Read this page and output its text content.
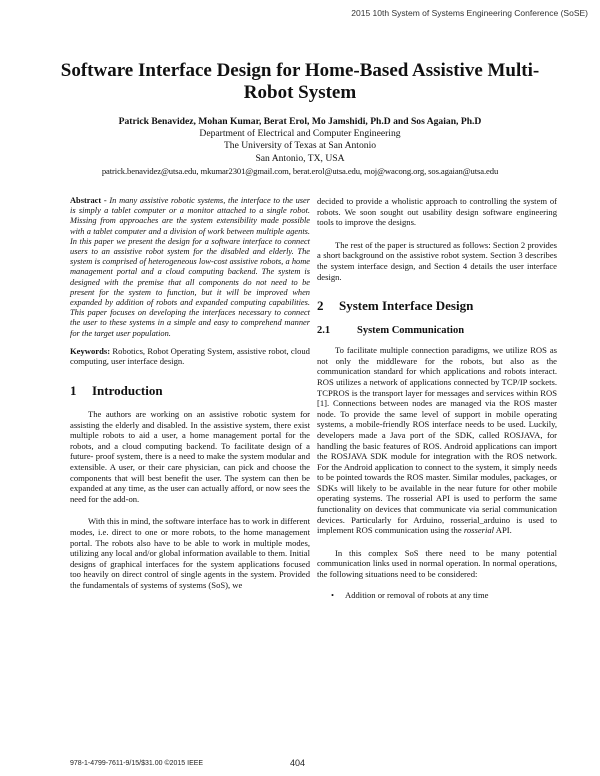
2015 10th System of Systems Engineering Conference (SoSE)
Software Interface Design for Home-Based Assistive Multi-Robot System
Patrick Benavidez, Mohan Kumar, Berat Erol, Mo Jamshidi, Ph.D and Sos Agaian, Ph.D
Department of Electrical and Computer Engineering
The University of Texas at San Antonio
San Antonio, TX, USA
patrick.benavidez@utsa.edu, mkumar2301@gmail.com, berat.erol@utsa.edu, moj@wacong.org, sos.agaian@utsa.edu

Abstract - In many assistive robotic systems, the interface to the user is simply a tablet computer or a monitor attached to a single robot. Missing from approaches are the system extensibility made possible with a tablet computer and a division of work between multiple agents. In this paper we present the design for a software interface to connect users to an assistive robot system for the disabled and elderly. The system is comprised of heterogeneous low-cost assistive robots, a home management portal and a cloud computing backend. The system is designed with the premise that all components do not need to be present for the system to function, but it will be improved when expanded by addition of robots and expanded computing capabilities. This paper focuses on developing the interfaces necessary to connect the user to these systems in a simple and easy to comprehend manner for the target user population.

Keywords: Robotics, Robot Operating System, assistive robot, cloud computing, user interface design.

1 Introduction

The authors are working on an assistive robotic system for assisting the elderly and disabled. In the assistive system, there exist multiple robots to aid a user, a home management portal for the robots, and a cloud computing backend. To facilitate design of a future- proof system, there is a need to make the system modular and extensible. A user, or their care physician, can pick and choose the components that will best benefit the user. The system can then be expanded at any time, as the user can actually afford, or now sees the need for the add-on.

With this in mind, the software interface has to work in different modes, i.e. direct to one or more robots, to the home management portal. The robots also have to be able to work in multiple modes, utilizing any local and/or global information available to them. Initial designs of graphical interfaces for the system applications focused too heavily on direct control of single agents in the system. Provided the fundamentals of systems of systems (SoS), we

decided to provide a wholistic approach to controlling the system of robots. We soon sought out usability design software engineering tools to improve the designs.

The rest of the paper is structured as follows: Section 2 provides a short background on the assistive robot system. Section 3 describes the system interface design, and Section 4 details the user interface design.

2 System Interface Design
2.1	System Communication

To facilitate multiple connection paradigms, we utilize ROS as not only the middleware for the robots, but also as the communication standard for which applications and robots interact. ROS utilizes a network of applications connected by TCP/IP sockets. TCPROS is the transport layer for messages and services within ROS [1]. Connections between nodes are managed via the ROS master node. To provide the same level of support in mobile operating systems, a mobile-friendly ROS interface needs to be used. Luckily, developers made a Java port of the SDK, called ROSJAVA, for handling the basic features of ROS. Android applications can import the ROSJAVA SDK module for integration with the ROS network. For the Android application to connect to the system, it simply needs to be pointed towards the ROS master. Similar modules, packages, or SDKs will likely to be available in the near future for other mobile operating systems. The rosserial API is used to perform the same functionality on devices that communicate via serial communication devices. Particularly for Arduino, rosserial_arduino is used to implement ROS communication using the rosserial API.

In this complex SoS there need to be many potential communication links used in normal operation. In normal operations, the following situations need to be considered:

• Addition or removal of robots at any time
978-1-4799-7611-9/15/$31.00 ©2015 IEEE	404
